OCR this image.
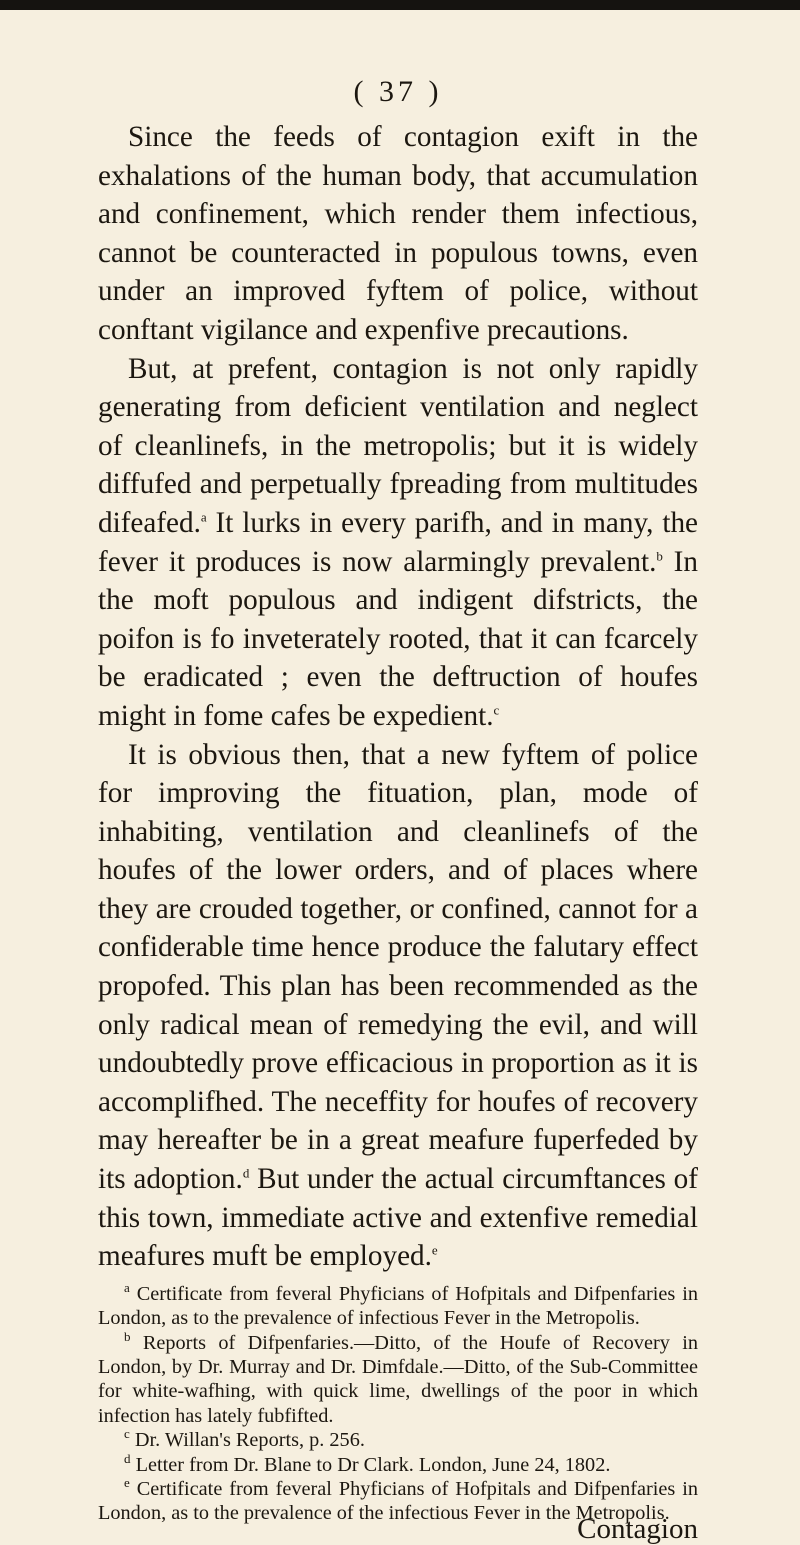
( 37 )

Since the feeds of contagion exift in the exhalations of the human body, that accumulation and confinement, which render them infectious, cannot be counteracted in populous towns, even under an improved fyftem of police, without conftant vigilance and expenfive precautions.

But, at prefent, contagion is not only rapidly generating from deficient ventilation and neglect of cleanlinefs, in the metropolis; but it is widely diffufed and perpetually fpreading from multitudes difeafed.$^a$ It lurks in every parifh, and in many, the fever it produces is now alarmingly prevalent.$^b$ In the moft populous and indigent difstricts, the poifon is fo inveterately rooted, that it can fcarcely be eradicated ; even the deftruction of houfes might in fome cafes be expedient.$^c$

It is obvious then, that a new fyftem of police for improving the fituation, plan, mode of inhabiting, ventilation and cleanlinefs of the houfes of the lower orders, and of places where they are crouded together, or confined, cannot for a confiderable time hence produce the falutary effect propofed. This plan has been recommended as the only radical mean of remedying the evil, and will undoubtedly prove efficacious in proportion as it is accomplifhed. The neceffity for houfes of recovery may hereafter be in a great meafure fuperfeded by its adoption.$^d$ But under the actual circumftances of this town, immediate active and extenfive remedial meafures muft be employed.$^e$

$^a$ Certificate from feveral Phyficians of Hofpitals and Difpenfaries in London, as to the prevalence of infectious Fever in the Metropolis.

$^b$ Reports of Difpenfaries.—Ditto, of the Houfe of Recovery in London, by Dr. Murray and Dr. Dimfdale.—Ditto, of the Sub-Committee for white-wafhing, with quick lime, dwellings of the poor in which infection has lately fubfifted.

$^c$ Dr. Willan's Reports, p. 256.

$^d$ Letter from Dr. Blane to Dr Clark. London, June 24, 1802.

$^e$ Certificate from feveral Phyficians of Hofpitals and Difpenfaries in London, as to the prevalence of the infectious Fever in the Metropolis.

Contagion
